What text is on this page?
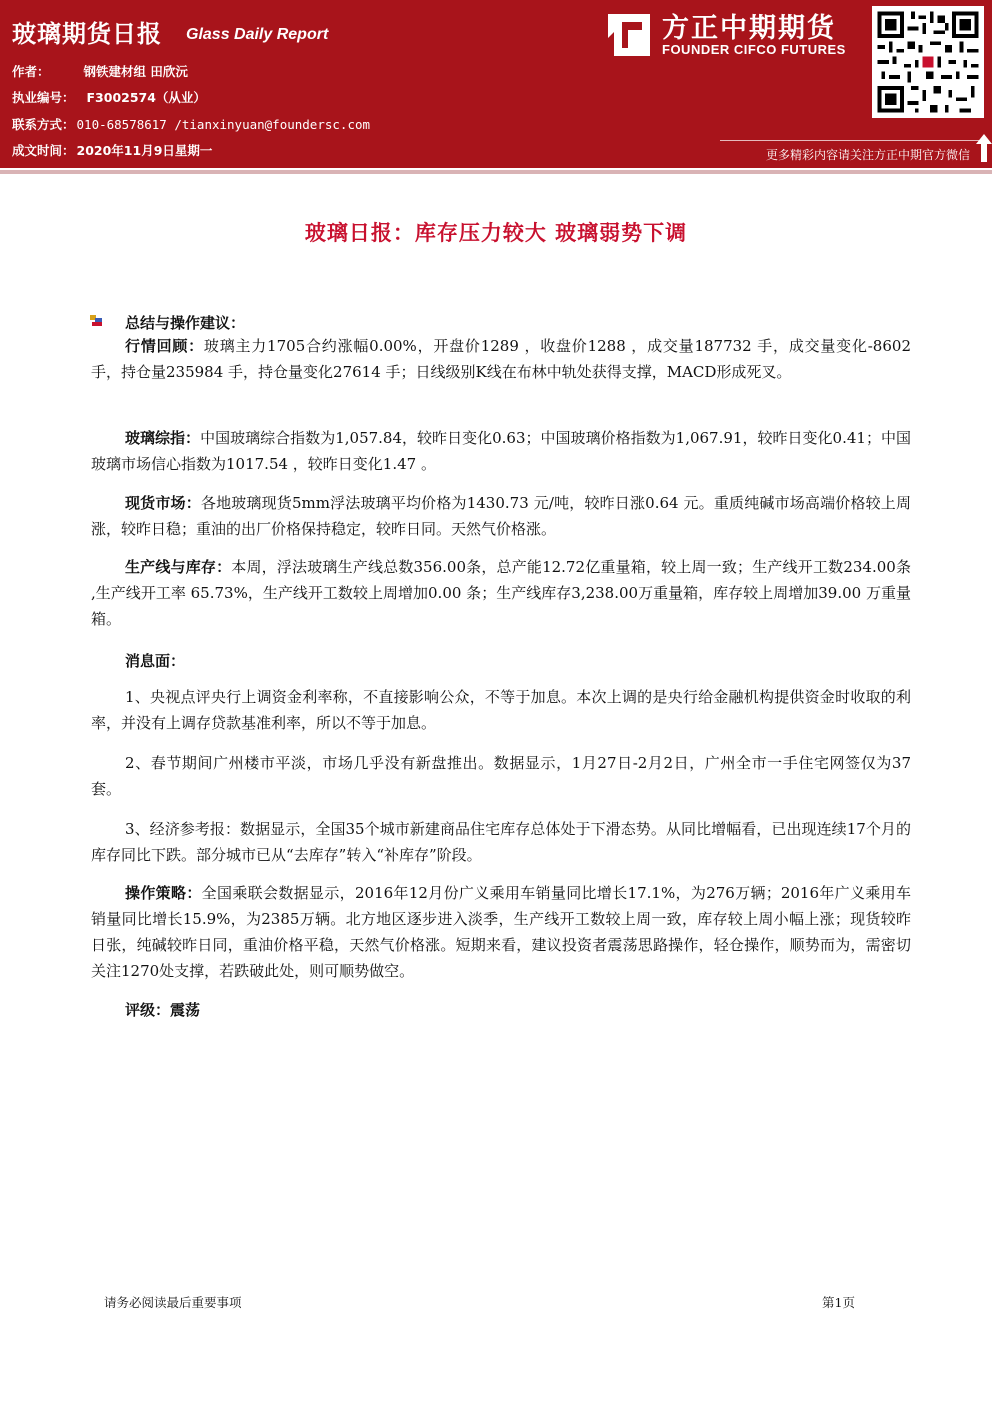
玻璃期货日报 Glass Daily Report
作者：	钢铁建材组 田欣沅
执业编号： F3002574（从业）
联系方式： 010-68578617 /tianxinyuan@foundersc.com
成文时间： 2020年11月9日星期一
方正中期期货
FOUNDER CIFCO FUTURES
更多精彩内容请关注方正中期官方微信
玻璃日报：库存压力较大 玻璃弱势下调
总结与操作建议：

行情回顾：玻璃主力1705合约涨幅0.00%，开盘价1289 ，收盘价1288 ，成交量187732 手，成交量变化-8602 手，持仓量235984 手，持仓量变化27614 手；日线级别K线在布林中轨处获得支撑，MACD形成死叉。

玻璃综指：中国玻璃综合指数为1,057.84，较昨日变化0.63；中国玻璃价格指数为1,067.91，较昨日变化0.41；中国玻璃市场信心指数为1017.54 ，较昨日变化1.47 。

现货市场：各地玻璃现货5mm浮法玻璃平均价格为1430.73 元/吨，较昨日涨0.64 元。重质纯碱市场高端价格较上周涨，较昨日稳；重油的出厂价格保持稳定，较昨日同。天然气价格涨。

生产线与库存：本周，浮法玻璃生产线总数356.00条，总产能12.72亿重量箱，较上周一致；生产线开工数234.00条 ,生产线开工率 65.73%，生产线开工数较上周增加0.00 条；生产线库存3,238.00万重量箱，库存较上周增加39.00 万重量箱。

消息面：

1、央视点评央行上调资金利率称，不直接影响公众，不等于加息。本次上调的是央行给金融机构提供资金时收取的利率，并没有上调存贷款基准利率，所以不等于加息。

2、春节期间广州楼市平淡，市场几乎没有新盘推出。数据显示，1月27日-2月2日，广州全市一手住宅网签仅为37套。

3、经济参考报：数据显示，全国35个城市新建商品住宅库存总体处于下滑态势。从同比增幅看，已出现连续17个月的库存同比下跌。部分城市已从“去库存”转入“补库存”阶段。

操作策略：全国乘联会数据显示，2016年12月份广义乘用车销量同比增长17.1%，为276万辆；2016年广义乘用车销量同比增长15.9%，为2385万辆。北方地区逐步进入淡季，生产线开工数较上周一致，库存较上周小幅上涨；现货较昨日张，纯碱较昨日同，重油价格平稳，天然气价格涨。短期来看，建议投资者震荡思路操作，轻仓操作，顺势而为，需密切关注1270处支撑，若跌破此处，则可顺势做空。

评级：震荡

请务必阅读最后重要事项	第1页
